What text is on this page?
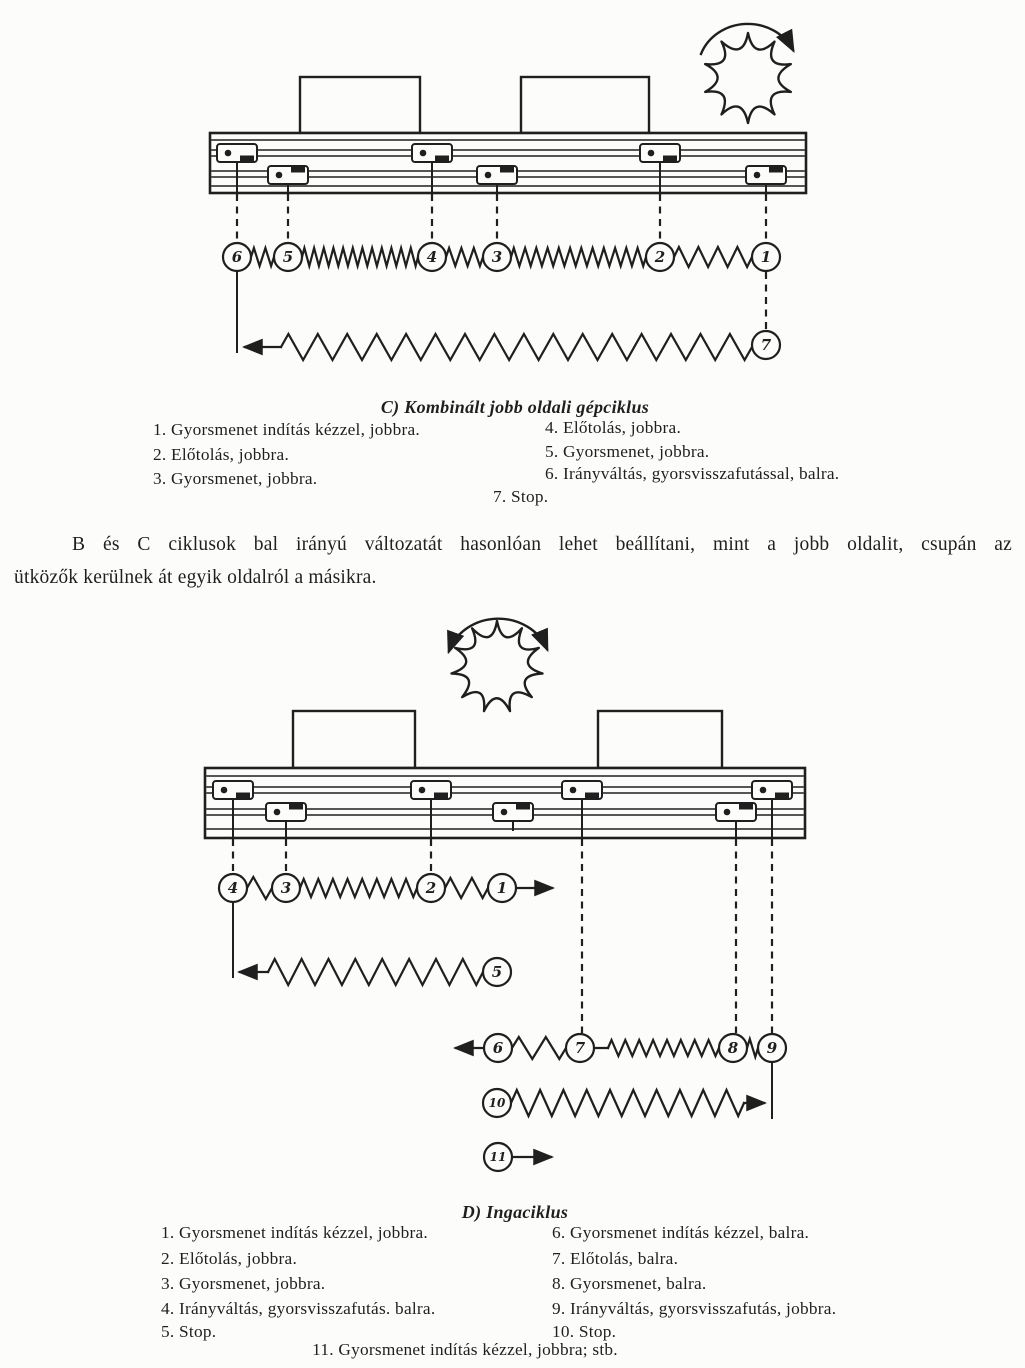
6	5	4	3	2	1
7
4	3	2	1
5
6	7	8 9
10
11
C) Kombinált jobb oldali gépciklus
1. Gyorsmenet indítás kézzel, jobbra.
2. Előtolás, jobbra.
3. Gyorsmenet, jobbra.
4. Előtolás, jobbra.
5. Gyorsmenet, jobbra.
6. Irányváltás, gyorsvisszafutással, balra.
7. Stop.
B és C ciklusok bal irányú változatát hasonlóan lehet beállítani, mint a jobb oldalit, csupán az
ütközők kerülnek át egyik oldalról a másikra.
D) Ingaciklus
1. Gyorsmenet indítás kézzel, jobbra.
2. Előtolás, jobbra.
3. Gyorsmenet, jobbra.
4. Irányváltás, gyorsvisszafutás. balra.
5. Stop.
6. Gyorsmenet indítás kézzel, balra.
7. Előtolás, balra.
8. Gyorsmenet, balra.
9. Irányváltás, gyorsvisszafutás, jobbra.
10. Stop.
11. Gyorsmenet indítás kézzel, jobbra; stb.
